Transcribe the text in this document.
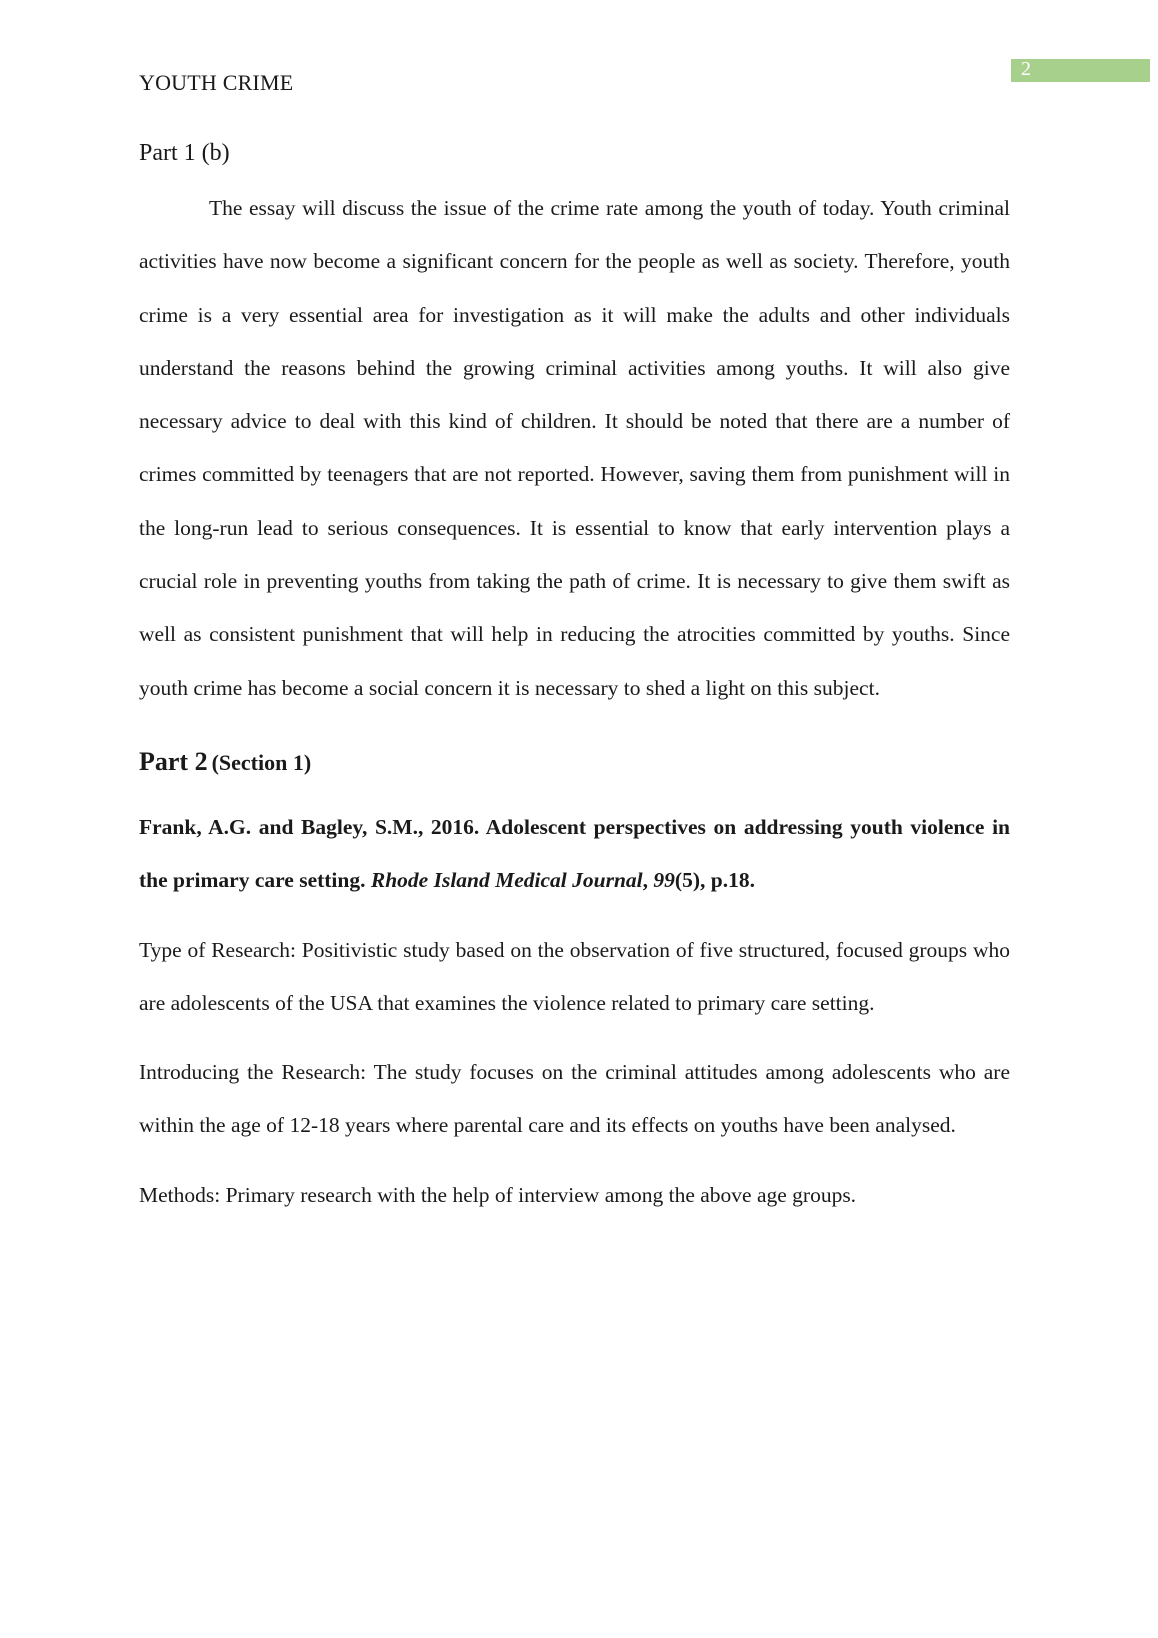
2
YOUTH CRIME
Part 1 (b)

The essay will discuss the issue of the crime rate among the youth of today. Youth criminal activities have now become a significant concern for the people as well as society. Therefore, youth crime is a very essential area for investigation as it will make the adults and other individuals understand the reasons behind the growing criminal activities among youths. It will also give necessary advice to deal with this kind of children. It should be noted that there are a number of crimes committed by teenagers that are not reported. However, saving them from punishment will in the long-run lead to serious consequences. It is essential to know that early intervention plays a crucial role in preventing youths from taking the path of crime. It is necessary to give them swift as well as consistent punishment that will help in reducing the atrocities committed by youths. Since youth crime has become a social concern it is necessary to shed a light on this subject.

Part 2 (Section 1)

Frank, A.G. and Bagley, S.M., 2016. Adolescent perspectives on addressing youth violence in the primary care setting. Rhode Island Medical Journal, 99(5), p.18.

Type of Research: Positivistic study based on the observation of five structured, focused groups who are adolescents of the USA that examines the violence related to primary care setting.

Introducing the Research: The study focuses on the criminal attitudes among adolescents who are within the age of 12-18 years where parental care and its effects on youths have been analysed.

Methods: Primary research with the help of interview among the above age groups.
